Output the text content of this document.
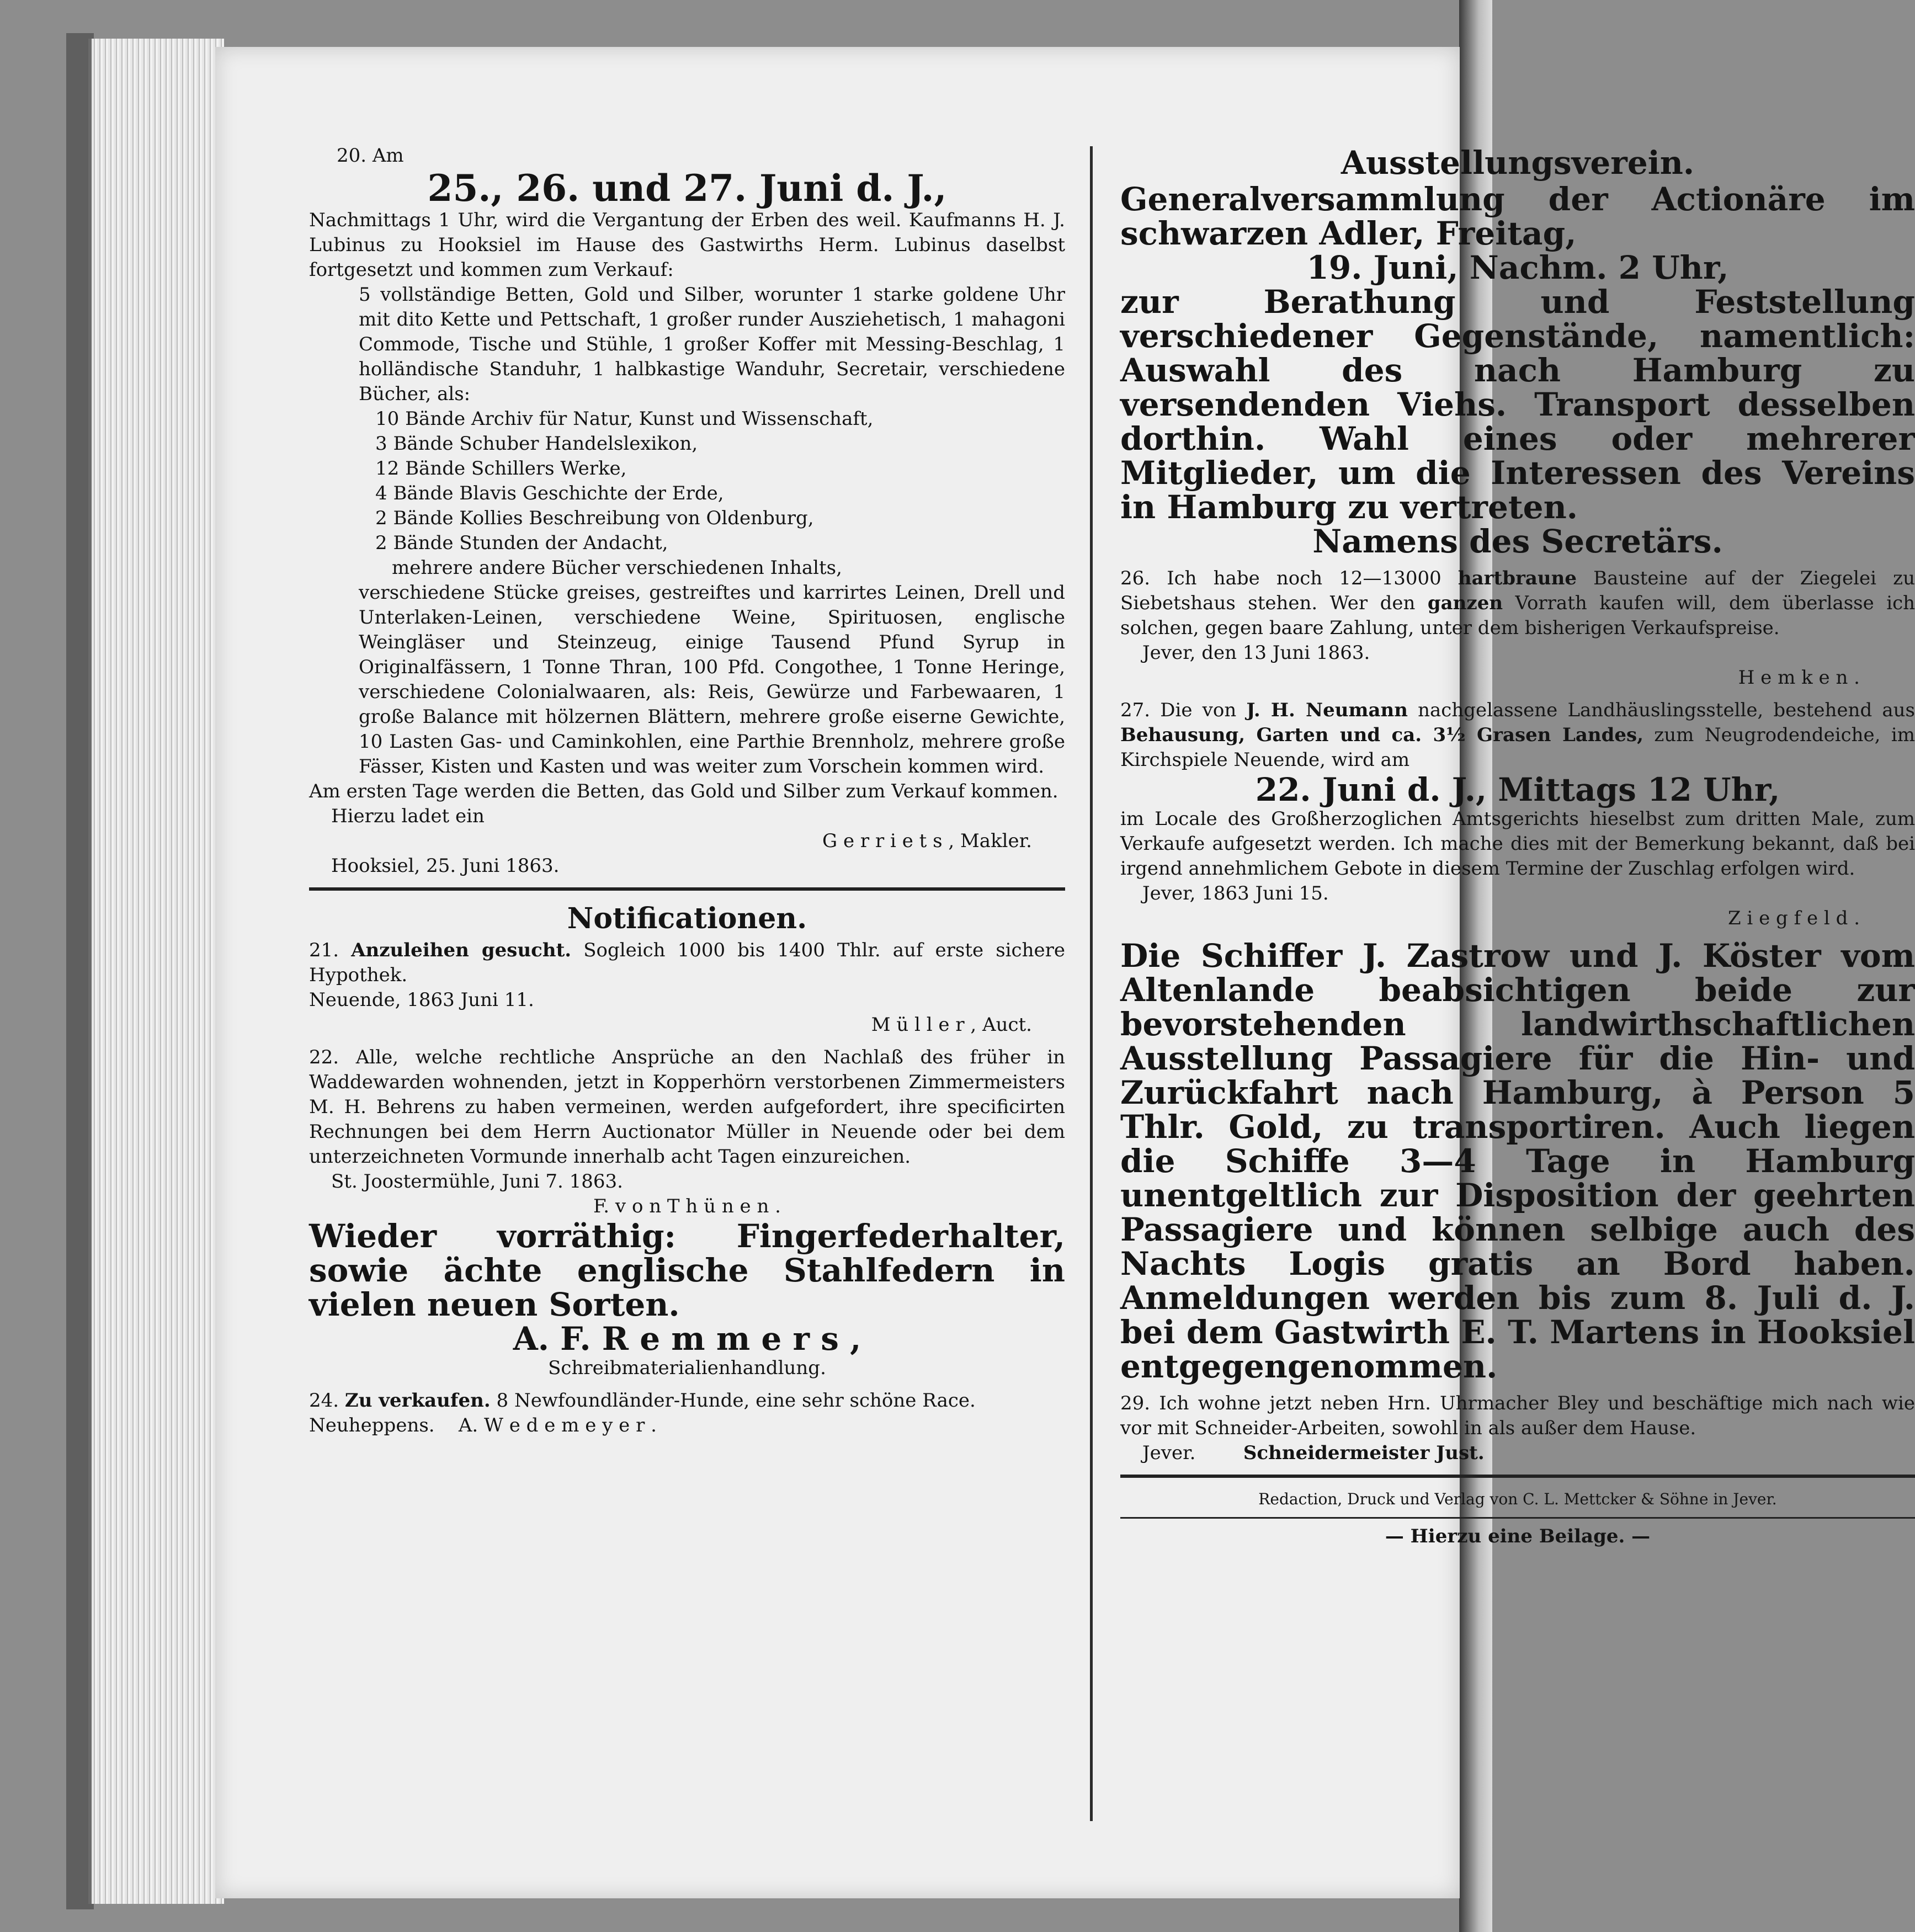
20. Am

25., 26. und 27. Juni d. J.,

Nachmittags 1 Uhr, wird die Vergantung der Erben des weil. Kaufmanns H. J. Lubinus zu Hooksiel im Hause des Gastwirths Herm. Lubinus daselbst fortgesetzt und kommen zum Verkauf:

5 vollständige Betten, Gold und Silber, worunter 1 starke goldene Uhr mit dito Kette und Pettschaft, 1 großer runder Ausziehetisch, 1 mahagoni Commode, Tische und Stühle, 1 großer Koffer mit Messing-Beschlag, 1 holländische Standuhr, 1 halbkastige Wanduhr, Secretair, verschiedene Bücher, als:

10 Bände Archiv für Natur, Kunst und Wissenschaft,

3 Bände Schuber Handelslexikon,

12 Bände Schillers Werke,

4 Bände Blavis Geschichte der Erde,

2 Bände Kollies Beschreibung von Oldenburg,

2 Bände Stunden der Andacht,

mehrere andere Bücher verschiedenen Inhalts,

verschiedene Stücke greises, gestreiftes und karrirtes Leinen, Drell und Unterlaken-Leinen, verschiedene Weine, Spirituosen, englische Weingläser und Steinzeug, einige Tausend Pfund Syrup in Originalfässern, 1 Tonne Thran, 100 Pfd. Congothee, 1 Tonne Heringe, verschiedene Colonialwaaren, als: Reis, Gewürze und Farbewaaren, 1 große Balance mit hölzernen Blättern, mehrere große eiserne Gewichte, 10 Lasten Gas- und Caminkohlen, eine Parthie Brennholz, mehrere große Fässer, Kisten und Kasten und was weiter zum Vorschein kommen wird.

Am ersten Tage werden die Betten, das Gold und Silber zum Verkauf kommen.

Hierzu ladet ein

G e r r i e t s , Makler.

Hooksiel, 25. Juni 1863.

Notificationen.

21. Anzuleihen gesucht. Sogleich 1000 bis 1400 Thlr. auf erste sichere Hypothek.

Neuende, 1863 Juni 11.

M ü l l e r , Auct.

22. Alle, welche rechtliche Ansprüche an den Nachlaß des früher in Waddewarden wohnenden, jetzt in Kopperhörn verstorbenen Zimmermeisters M. H. Behrens zu haben vermeinen, werden aufgefordert, ihre specificirten Rechnungen bei dem Herrn Auctionator Müller in Neuende oder bei dem unterzeichneten Vormunde innerhalb acht Tagen einzureichen.

St. Joostermühle, Juni 7. 1863.

F. v o n T h ü n e n .

Wieder vorräthig: Fingerfederhalter, sowie ächte englische Stahlfedern in vielen neuen Sorten.

A. F. R e m m e r s ,

Schreibmaterialienhandlung.

24. Zu verkaufen. 8 Newfoundländer-Hunde, eine sehr schöne Race.

Neuheppens. A. W e d e m e y e r .

Ausstellungsverein.

Generalversammlung der Actionäre im schwarzen Adler, Freitag,

19. Juni, Nachm. 2 Uhr,

zur Berathung und Feststellung verschiedener Gegenstände, namentlich: Auswahl des nach Hamburg zu versendenden Viehs. Transport desselben dorthin. Wahl eines oder mehrerer Mitglieder, um die Interessen des Vereins in Hamburg zu vertreten.

Namens des Secretärs.

26. Ich habe noch 12—13000 hartbraune Bausteine auf der Ziegelei zu Siebetshaus stehen. Wer den ganzen Vorrath kaufen will, dem überlasse ich solchen, gegen baare Zahlung, unter dem bisherigen Verkaufspreise.

Jever, den 13 Juni 1863.

H e m k e n .

27. Die von J. H. Neumann nachgelassene Landhäuslingsstelle, bestehend aus Behausung, Garten und ca. 3½ Grasen Landes, zum Neugrodendeiche, im Kirchspiele Neuende, wird am

22. Juni d. J., Mittags 12 Uhr,

im Locale des Großherzoglichen Amtsgerichts hieselbst zum dritten Male, zum Verkaufe aufgesetzt werden. Ich mache dies mit der Bemerkung bekannt, daß bei irgend annehmlichem Gebote in diesem Termine der Zuschlag erfolgen wird.

Jever, 1863 Juni 15.

Z i e g f e l d .

Die Schiffer J. Zastrow und J. Köster vom Altenlande beabsichtigen beide zur bevorstehenden landwirthschaftlichen Ausstellung Passagiere für die Hin- und Zurückfahrt nach Hamburg, à Person 5 Thlr. Gold, zu transportiren. Auch liegen die Schiffe 3—4 Tage in Hamburg unentgeltlich zur Disposition der geehrten Passagiere und können selbige auch des Nachts Logis gratis an Bord haben. Anmeldungen werden bis zum 8. Juli d. J. bei dem Gastwirth E. T. Martens in Hooksiel entgegengenommen.

29. Ich wohne jetzt neben Hrn. Uhrmacher Bley und beschäftige mich nach wie vor mit Schneider-Arbeiten, sowohl in als außer dem Hause.

Jever.	Schneidermeister Just.

Redaction, Druck und Verlag von C. L. Mettcker & Söhne in Jever.

— Hierzu eine Beilage. —
